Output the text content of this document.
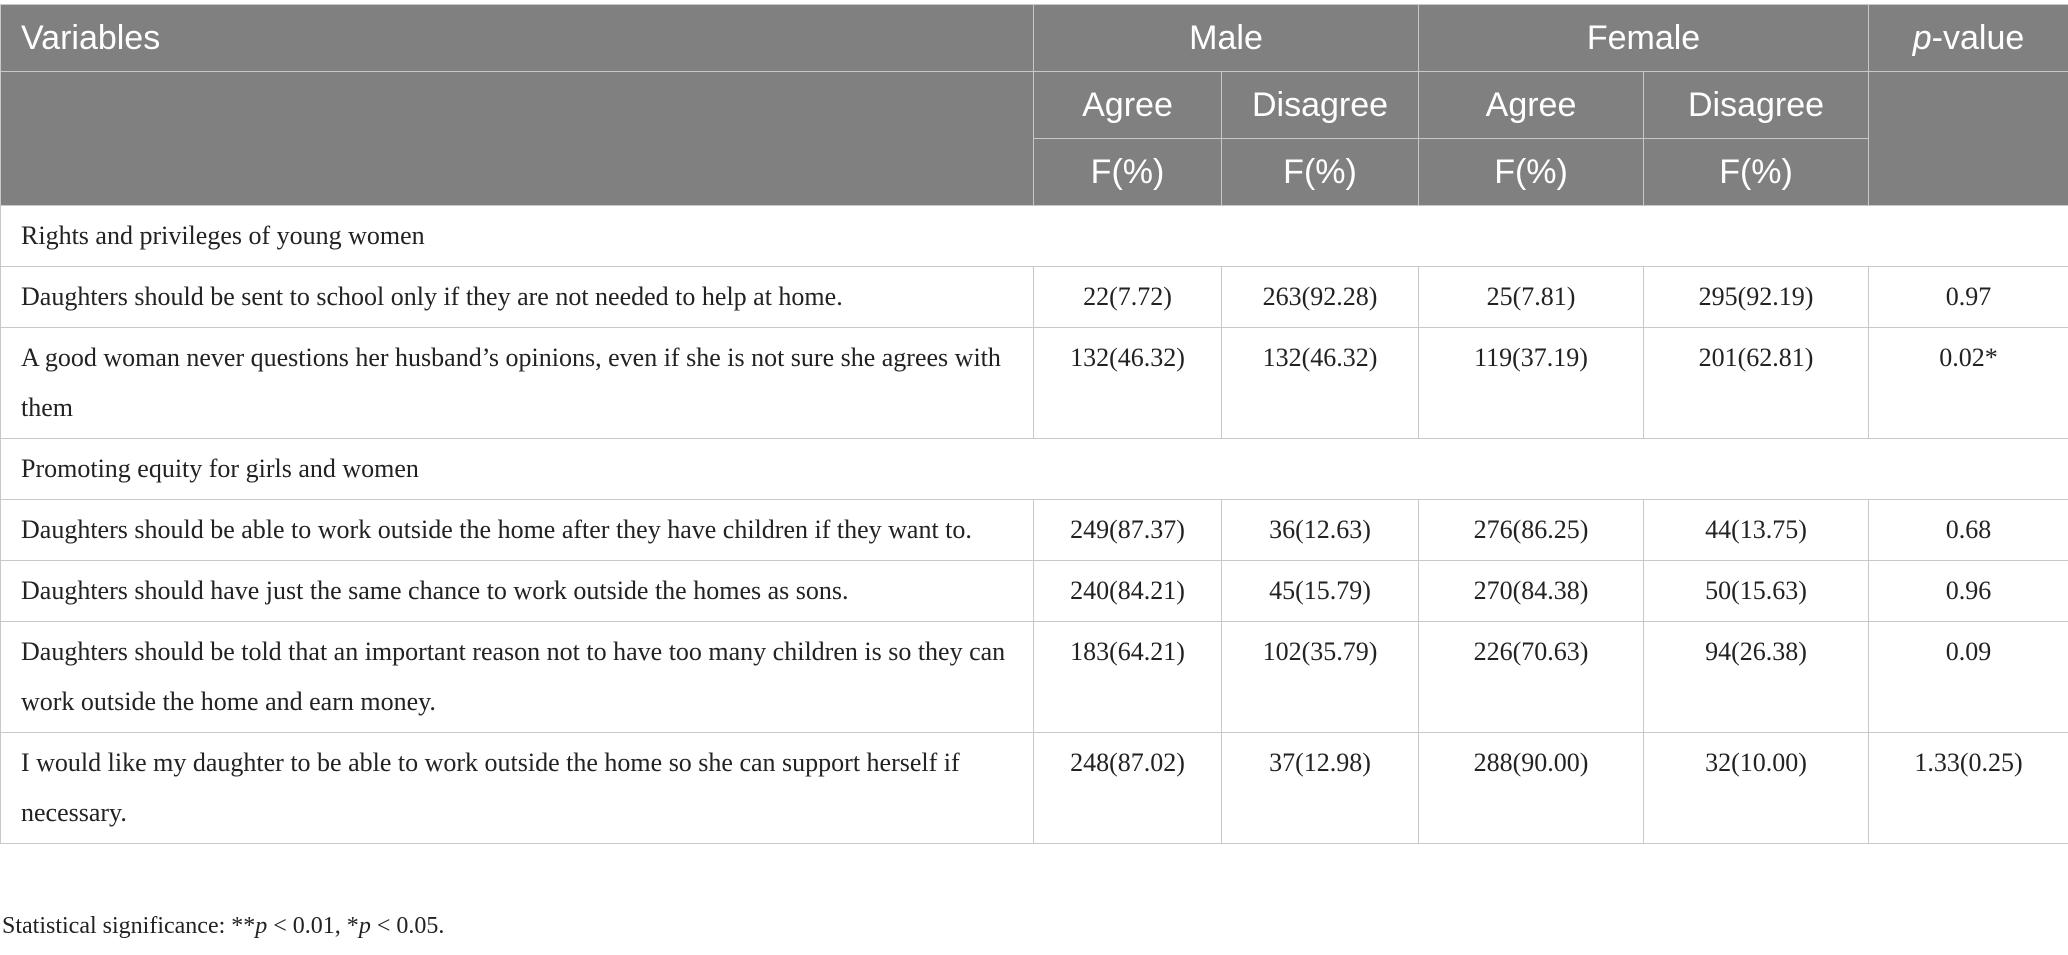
Variables	Male		Female		p-value
	Agree	Disagree	Agree	Disagree	
	F(%)	F(%)	F(%)	F(%)	
Rights and privileges of young women					
Daughters should be sent to school only if they are not needed to help at home.	22(7.72)	263(92.28)	25(7.81)	295(92.19)	0.97
A good woman never questions her husband’s opinions, even if she is not sure she agrees with them	132(46.32)	132(46.32)	119(37.19)	201(62.81)	0.02*
Promoting equity for girls and women					
Daughters should be able to work outside the home after they have children if they want to.	249(87.37)	36(12.63)	276(86.25)	44(13.75)	0.68
Daughters should have just the same chance to work outside the homes as sons.	240(84.21)	45(15.79)	270(84.38)	50(15.63)	0.96
Daughters should be told that an important reason not to have too many children is so they can work outside the home and earn money.	183(64.21)	102(35.79)	226(70.63)	94(26.38)	0.09
I would like my daughter to be able to work outside the home so she can support herself if necessary.	248(87.02)	37(12.98)	288(90.00)	32(10.00)	1.33(0.25)
Statistical significance: **p < 0.01, *p < 0.05.
